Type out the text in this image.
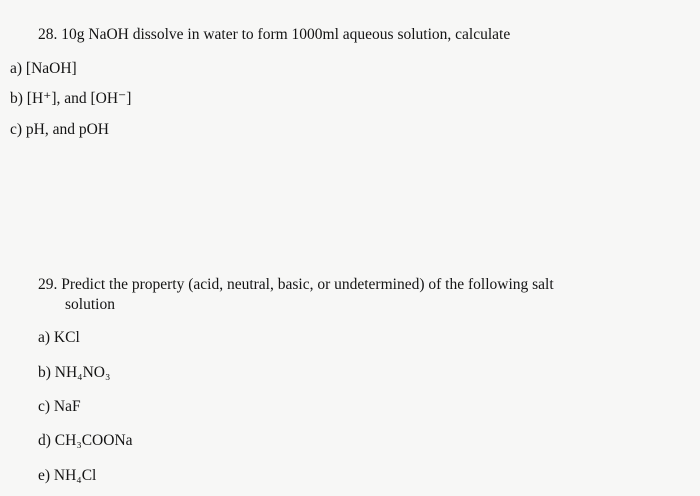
28. 10g NaOH dissolve in water to form 1000ml aqueous solution, calculate
a) [NaOH]
b) [H⁺], and [OH⁻]
c) pH, and pOH
29. Predict the property (acid, neutral, basic, or undetermined) of the following salt
solution
a) KCl
b) NH₄NO₃
c) NaF
d) CH₃COONa
e) NH₄Cl
